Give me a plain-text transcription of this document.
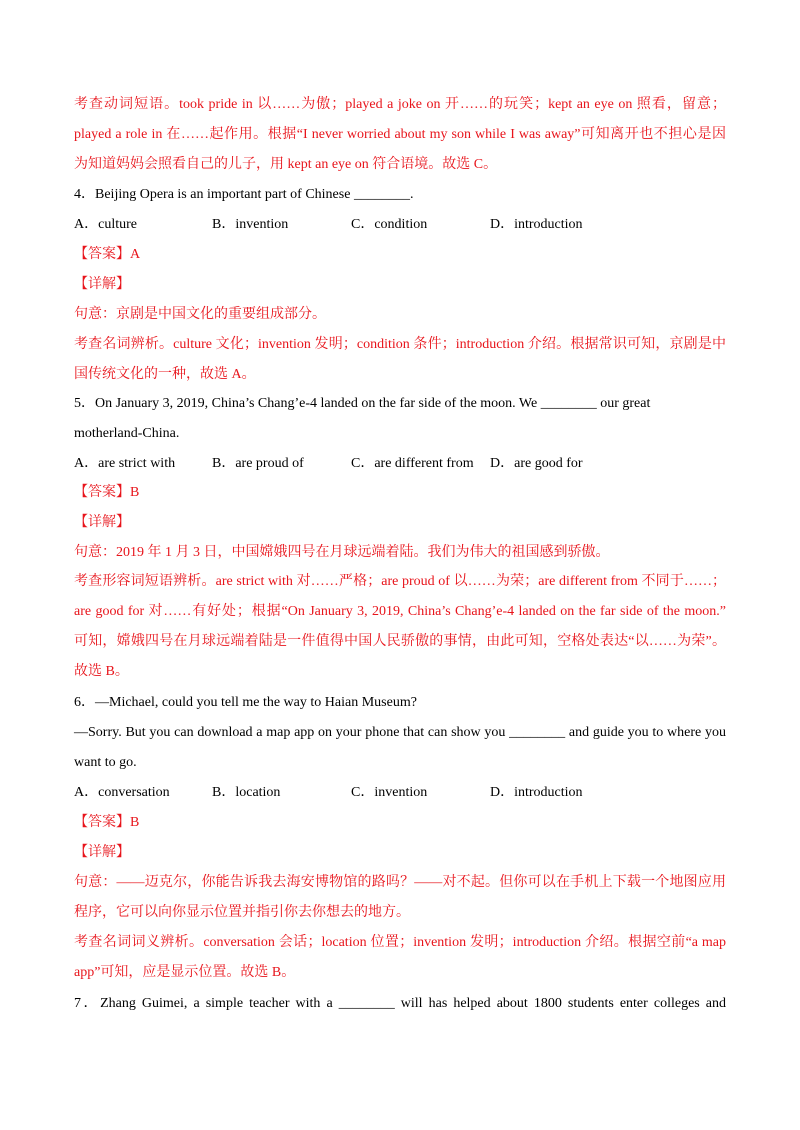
考查动词短语。took pride in 以……为傲；played a joke on 开……的玩笑；kept an eye on 照看，留意；
played a role in 在……起作用。根据“I never worried about my son while I was away”可知离开也不担心是因
为知道妈妈会照看自己的儿子，用 kept an eye on 符合语境。故选 C。
4．Beijing Opera is an important part of Chinese ________.
A．culture	B．invention	C．condition	D．introduction
【答案】A
【详解】
句意：京剧是中国文化的重要组成部分。
考查名词辨析。culture 文化；invention 发明；condition 条件；introduction 介绍。根据常识可知，京剧是中
国传统文化的一种，故选 A。
5．On January 3, 2019, China’s Chang’e-4 landed on the far side of the moon. We ________ our great
motherland-China.
A．are strict with	B．are proud of	C．are different from D．are good for
【答案】B
【详解】
句意：2019 年 1 月 3 日，中国嫦娥四号在月球远端着陆。我们为伟大的祖国感到骄傲。
考查形容词短语辨析。are strict with 对……严格；are proud of 以……为荣；are different from 不同于……；
are good for 对……有好处；根据“On January 3, 2019, China’s Chang’e-4 landed on the far side of the moon.”
可知，嫦娥四号在月球远端着陆是一件值得中国人民骄傲的事情，由此可知，空格处表达“以……为荣”。
故选 B。
6．—Michael, could you tell me the way to Haian Museum?
—Sorry. But you can download a map app on your phone that can show you ________ and guide you to where you
want to go.
A．conversation	B．location	C．invention	D．introduction
【答案】B
【详解】
句意：——迈克尔，你能告诉我去海安博物馆的路吗？——对不起。但你可以在手机上下载一个地图应用
程序，它可以向你显示位置并指引你去你想去的地方。
考查名词词义辨析。conversation 会话；location 位置；invention 发明；introduction 介绍。根据空前“a map
app”可知，应是显示位置。故选 B。
7．Zhang Guimei, a simple teacher with a ________ will has helped about 1800 students enter colleges and
